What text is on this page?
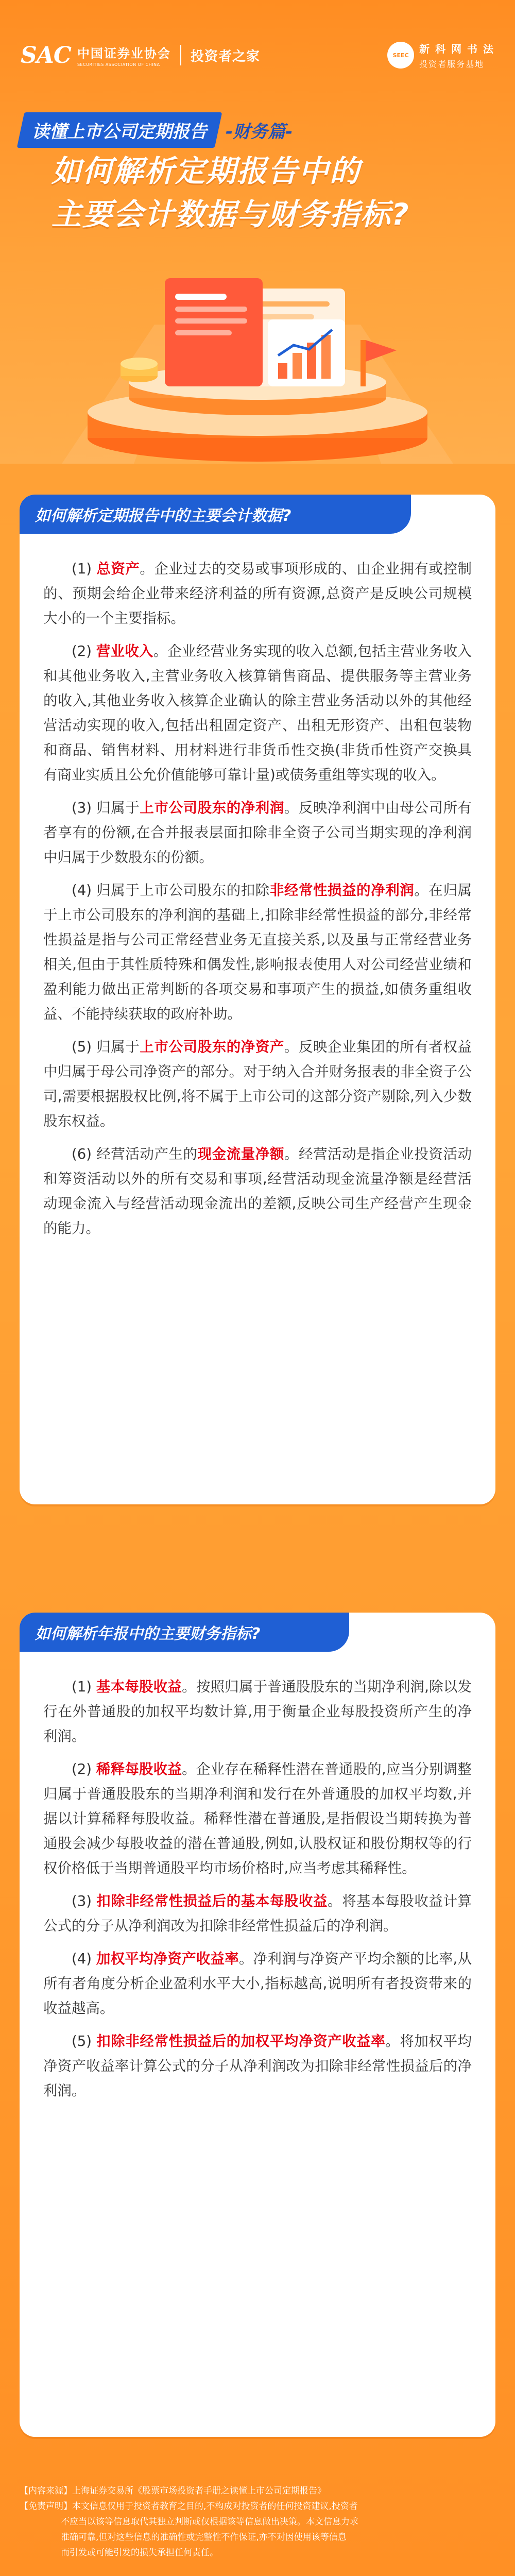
SAC 中国证券业协会
SECURITIES ASSOCIATION OF CHINA
投资者之家	SEEC 新 科 网 书 法
投资者服务基地
读懂上市公司定期报告	-财务篇-
如何解析定期报告中的
主要会计数据与财务指标?
如何解析定期报告中的主要会计数据?

(1) 总资产。企业过去的交易或事项形成的、由企业拥有或控制的、预期会给企业带来经济利益的所有资源,总资产是反映公司规模大小的一个主要指标。

(2) 营业收入。企业经营业务实现的收入总额,包括主营业务收入和其他业务收入,主营业务收入核算销售商品、提供服务等主营业务的收入,其他业务收入核算企业确认的除主营业务活动以外的其他经营活动实现的收入,包括出租固定资产、出租无形资产、出租包装物和商品、销售材料、用材料进行非货币性交换(非货币性资产交换具有商业实质且公允价值能够可靠计量)或债务重组等实现的收入。

(3) 归属于上市公司股东的净利润。反映净利润中由母公司所有者享有的份额,在合并报表层面扣除非全资子公司当期实现的净利润中归属于少数股东的份额。

(4) 归属于上市公司股东的扣除非经常性损益的净利润。在归属于上市公司股东的净利润的基础上,扣除非经常性损益的部分,非经常性损益是指与公司正常经营业务无直接关系,以及虽与正常经营业务相关,但由于其性质特殊和偶发性,影响报表使用人对公司经营业绩和盈利能力做出正常判断的各项交易和事项产生的损益,如债务重组收益、不能持续获取的政府补助。

(5) 归属于上市公司股东的净资产。反映企业集团的所有者权益中归属于母公司净资产的部分。对于纳入合并财务报表的非全资子公司,需要根据股权比例,将不属于上市公司的这部分资产剔除,列入少数股东权益。

(6) 经营活动产生的现金流量净额。经营活动是指企业投资活动和筹资活动以外的所有交易和事项,经营活动现金流量净额是经营活动现金流入与经营活动现金流出的差额,反映公司生产经营产生现金的能力。

如何解析年报中的主要财务指标?

(1) 基本每股收益。按照归属于普通股股东的当期净利润,除以发行在外普通股的加权平均数计算,用于衡量企业每股投资所产生的净利润。

(2) 稀释每股收益。企业存在稀释性潜在普通股的,应当分别调整归属于普通股股东的当期净利润和发行在外普通股的加权平均数,并据以计算稀释每股收益。稀释性潜在普通股,是指假设当期转换为普通股会减少每股收益的潜在普通股,例如,认股权证和股份期权等的行权价格低于当期普通股平均市场价格时,应当考虑其稀释性。

(3) 扣除非经常性损益后的基本每股收益。将基本每股收益计算公式的分子从净利润改为扣除非经常性损益后的净利润。

(4) 加权平均净资产收益率。净利润与净资产平均余额的比率,从所有者角度分析企业盈利水平大小,指标越高,说明所有者投资带来的收益越高。

(5) 扣除非经常性损益后的加权平均净资产收益率。将加权平均净资产收益率计算公式的分子从净利润改为扣除非经常性损益后的净利润。

【内容来源】上海证券交易所《股票市场投资者手册之读懂上市公司定期报告》
【免责声明】本文信息仅用于投资者教育之目的,不构成对投资者的任何投资建议,投资者
不应当以该等信息取代其独立判断或仅根据该等信息做出决策。本文信息力求
准确可靠,但对这些信息的准确性或完整性不作保证,亦不对因使用该等信息
而引发或可能引发的损失承担任何责任。
